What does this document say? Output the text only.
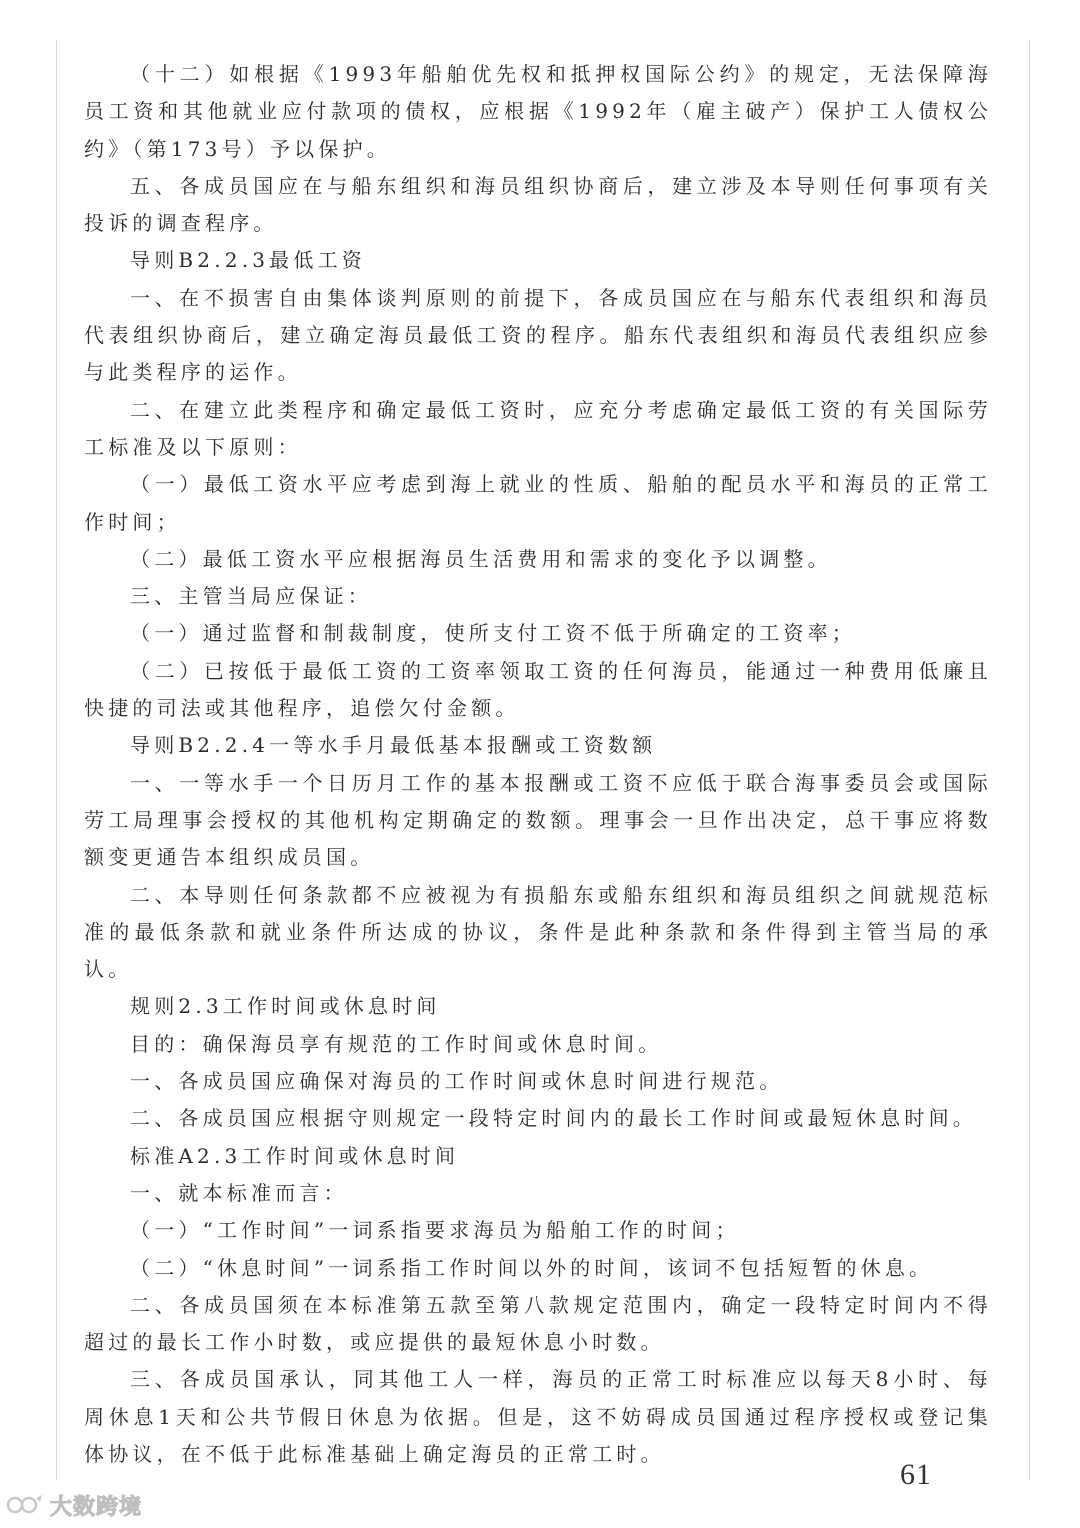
（十二）如根据《1993年船舶优先权和抵押权国际公约》的规定，无法保障海员工资和其他就业应付款项的债权，应根据《1992年（雇主破产）保护工人债权公约》（第173号）予以保护。

五、各成员国应在与船东组织和海员组织协商后，建立涉及本导则任何事项有关投诉的调查程序。

导则B2.2.3最低工资

一、在不损害自由集体谈判原则的前提下，各成员国应在与船东代表组织和海员代表组织协商后，建立确定海员最低工资的程序。船东代表组织和海员代表组织应参与此类程序的运作。

二、在建立此类程序和确定最低工资时，应充分考虑确定最低工资的有关国际劳工标准及以下原则：

（一）最低工资水平应考虑到海上就业的性质、船舶的配员水平和海员的正常工作时间；

（二）最低工资水平应根据海员生活费用和需求的变化予以调整。

三、主管当局应保证：

（一）通过监督和制裁制度，使所支付工资不低于所确定的工资率；

（二）已按低于最低工资的工资率领取工资的任何海员，能通过一种费用低廉且快捷的司法或其他程序，追偿欠付金额。

导则B2.2.4一等水手月最低基本报酬或工资数额

一、一等水手一个日历月工作的基本报酬或工资不应低于联合海事委员会或国际劳工局理事会授权的其他机构定期确定的数额。理事会一旦作出决定，总干事应将数额变更通告本组织成员国。

二、本导则任何条款都不应被视为有损船东或船东组织和海员组织之间就规范标准的最低条款和就业条件所达成的协议，条件是此种条款和条件得到主管当局的承认。

规则2.3工作时间或休息时间

目的：确保海员享有规范的工作时间或休息时间。

一、各成员国应确保对海员的工作时间或休息时间进行规范。

二、各成员国应根据守则规定一段特定时间内的最长工作时间或最短休息时间。

标准A2.3工作时间或休息时间

一、就本标准而言：

（一）“工作时间”一词系指要求海员为船舶工作的时间；

（二）“休息时间”一词系指工作时间以外的时间，该词不包括短暂的休息。

二、各成员国须在本标准第五款至第八款规定范围内，确定一段特定时间内不得超过的最长工作小时数，或应提供的最短休息小时数。

三、各成员国承认，同其他工人一样，海员的正常工时标准应以每天8小时、每周休息1天和公共节假日休息为依据。但是，这不妨碍成员国通过程序授权或登记集体协议，在不低于此标准基础上确定海员的正常工时。

61
大数跨境
